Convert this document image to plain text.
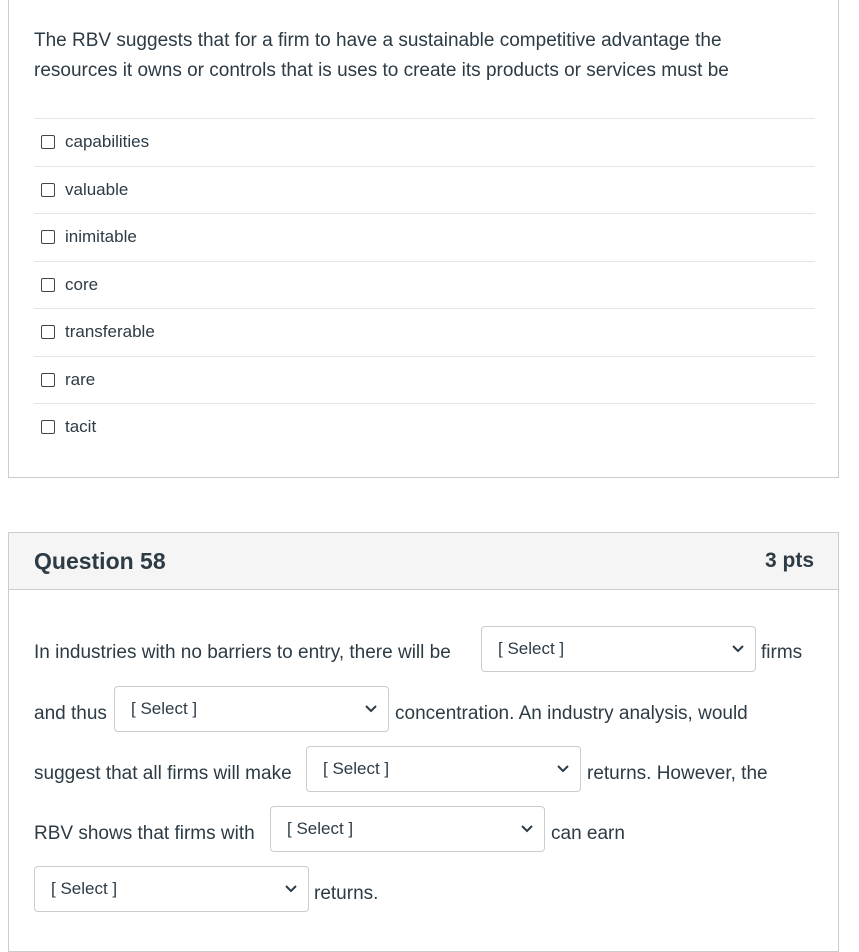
The RBV suggests that for a firm to have a sustainable competitive advantage the resources it owns or controls that is uses to create its products or services must be
capabilities
valuable
inimitable
core
transferable
rare
tacit
Question 58	3 pts
In industries with no barriers to entry, there will be	[ Select ]	firms
and thus [ Select ]	concentration. An industry analysis, would
suggest that all firms will make [ Select ]	returns. However, the
RBV shows that firms with [ Select ]	can earn
[ Select ]	returns.
